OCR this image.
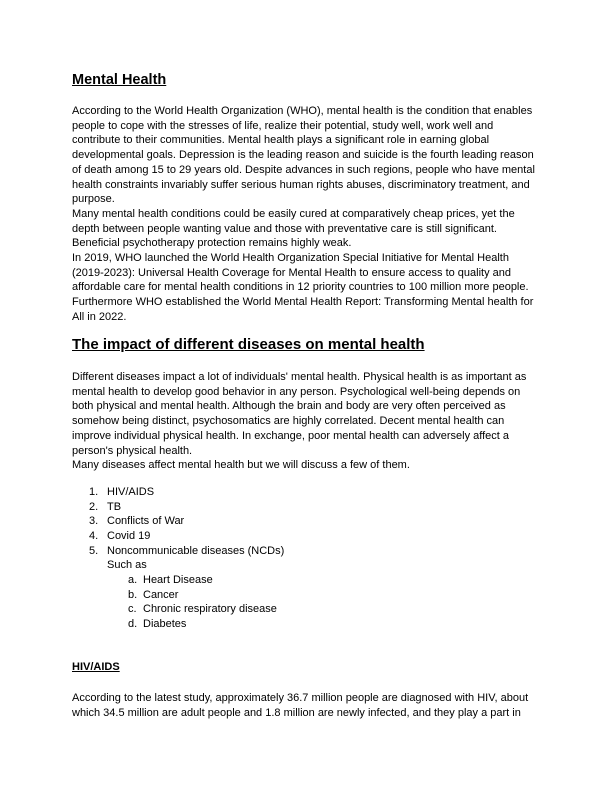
Mental Health
According to the World Health Organization (WHO), mental health is the condition that enables
people to cope with the stresses of life, realize their potential, study well, work well and
contribute to their communities. Mental health plays a significant role in earning global
developmental goals. Depression is the leading reason and suicide is the fourth leading reason
of death among 15 to 29 years old. Despite advances in such regions, people who have mental
health constraints invariably suffer serious human rights abuses, discriminatory treatment, and
purpose.
Many mental health conditions could be easily cured at comparatively cheap prices, yet the
depth between people wanting value and those with preventative care is still significant.
Beneficial psychotherapy protection remains highly weak.
In 2019, WHO launched the World Health Organization Special Initiative for Mental Health
(2019-2023): Universal Health Coverage for Mental Health to ensure access to quality and
affordable care for mental health conditions in 12 priority countries to 100 million more people.
Furthermore WHO established the World Mental Health Report: Transforming Mental health for
All in 2022.
The impact of different diseases on mental health
Different diseases impact a lot of individuals' mental health. Physical health is as important as
mental health to develop good behavior in any person. Psychological well-being depends on
both physical and mental health. Although the brain and body are very often perceived as
somehow being distinct, psychosomatics are highly correlated. Decent mental health can
improve individual physical health. In exchange, poor mental health can adversely affect a
person's physical health.
Many diseases affect mental health but we will discuss a few of them.
1. HIV/AIDS
2. TB
3. Conflicts of War
4. Covid 19
5. Noncommunicable diseases (NCDs)
Such as
a. Heart Disease
b. Cancer
c. Chronic respiratory disease
d. Diabetes
HIV/AIDS
According to the latest study, approximately 36.7 million people are diagnosed with HIV, about
which 34.5 million are adult people and 1.8 million are newly infected, and they play a part in
